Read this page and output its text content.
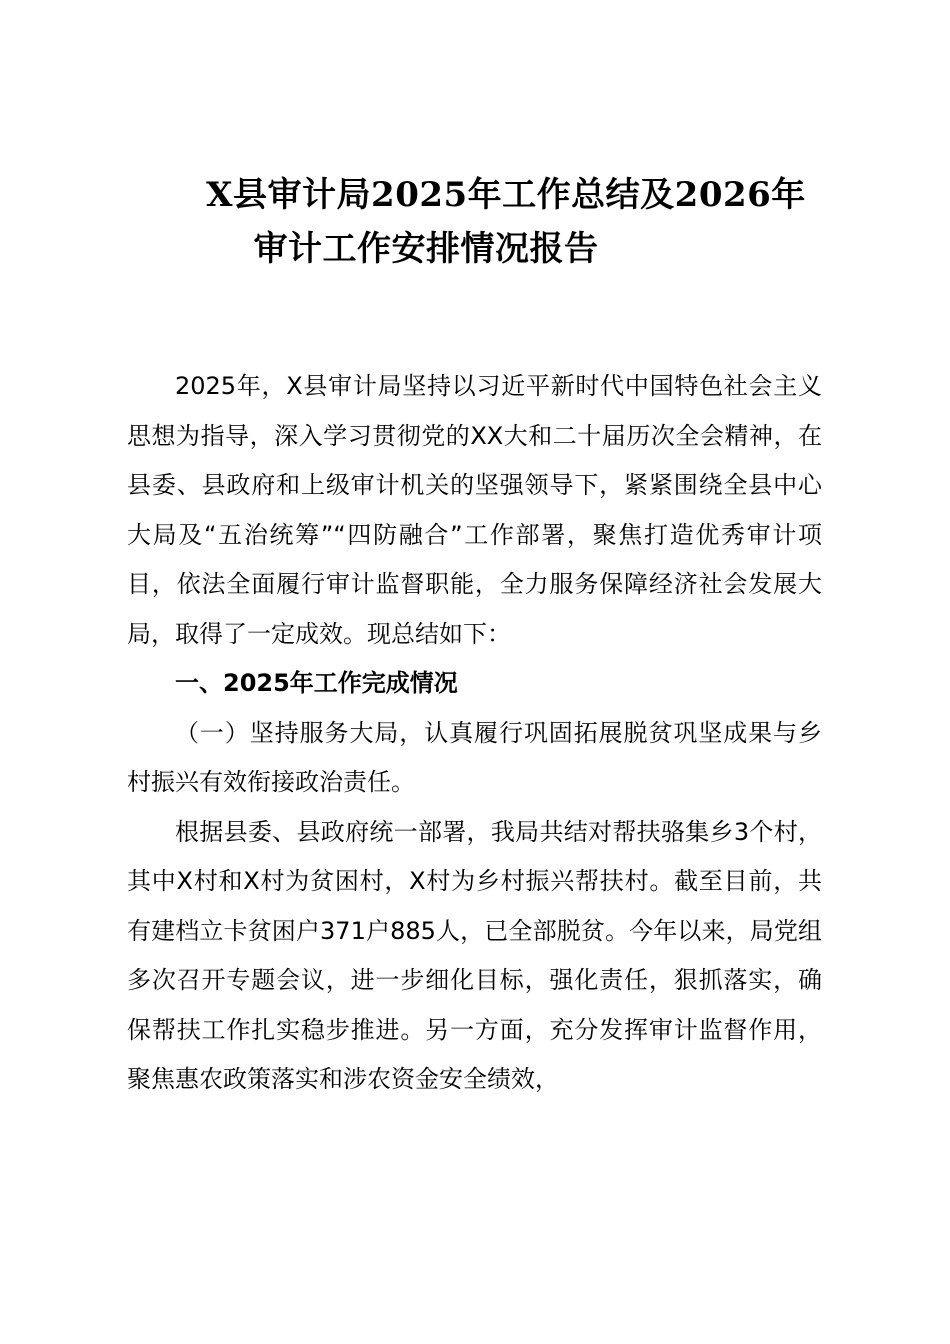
X县审计局2025年工作总结及2026年
审计工作安排情况报告

2025年，X县审计局坚持以习近平新时代中国特色社会主义思想为指导，深入学习贯彻党的XX大和二十届历次全会精神，在县委、县政府和上级审计机关的坚强领导下，紧紧围绕全县中心大局及“五治统筹”“四防融合”工作部署，聚焦打造优秀审计项目，依法全面履行审计监督职能，全力服务保障经济社会发展大局，取得了一定成效。现总结如下：

一、2025年工作完成情况

（一）坚持服务大局，认真履行巩固拓展脱贫巩坚成果与乡村振兴有效衔接政治责任。

根据县委、县政府统一部署，我局共结对帮扶骆集乡3个村，其中X村和X村为贫困村，X村为乡村振兴帮扶村。截至目前，共有建档立卡贫困户371户885人，已全部脱贫。今年以来，局党组多次召开专题会议，进一步细化目标，强化责任，狠抓落实，确保帮扶工作扎实稳步推进。另一方面，充分发挥审计监督作用，聚焦惠农政策落实和涉农资金安全绩效，
